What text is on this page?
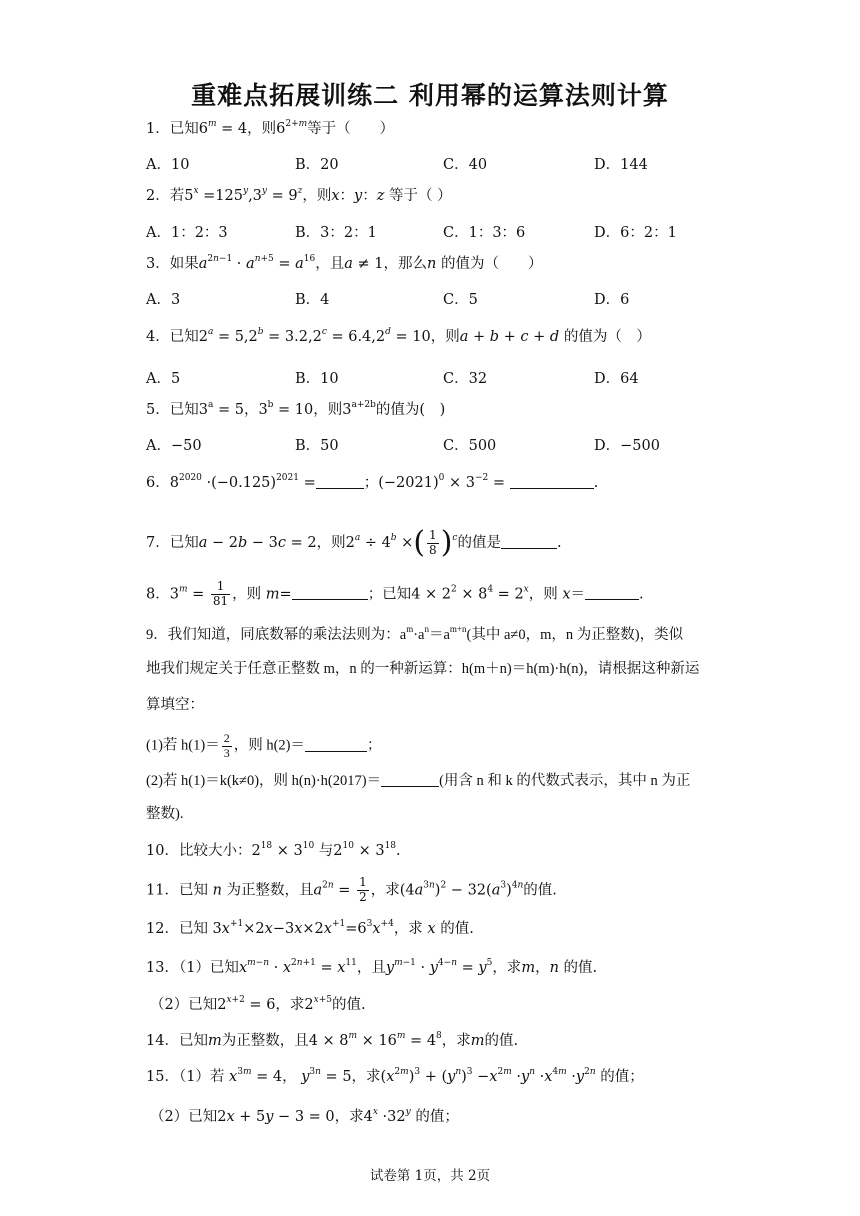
重难点拓展训练二 利用幂的运算法则计算
1．已知$6^m = 4$，则$6^{2+m}$等于（　　）
A．10	B．20	C．40	D．144
2．若$5^x =125^y,3^y = 9^z$，则x：y：z 等于（ ）
A．1：2：3	B．3：2：1	C．1：3：6	D．6：2：1
3．如果$a^{2n-1} \cdot a^{n+5} = a^{16}$，且a ≠ 1，那么n 的值为（　　）
A．3	B．4	C．5	D．6
4．已知$2^a = 5,2^b = 3.2,2^c = 6.4,2^d = 10$，则a + b + c + d 的值为（　）
A．5	B．10	C．32	D．64
5．已知$3^a = 5$，$3^b = 10$，则$3^{a+2b}$的值为(　)
A．−50	B．50	C．500	D．−500
6．$8^{2020} \cdot(-0.125)^{2021}$ =	；$(-2021)^0 \times 3^{-2}$ =	.
7．已知a − 2b − 3c = 2，则$2^a \div 4^b$ ×( $\frac{1}{8} )^c$的值是	.
8．$3^m = \frac{1}{81}$ ，则 m=	；已知$4 \times 2^2 \times 8^4 = 2^x$，则 x＝	.
9．我们知道，同底数幂的乘法法则为：$a^m\cdot a^n=a^{m+n}$(其中 a≠0，m，n 为正整数)，类似
地我们规定关于任意正整数 m，n 的一种新运算：h(m＋n)＝h(m)·h(n)，请根据这种新运
算填空：
(1)若 $h(1)= \frac{2}{3}$ ，则 h(2)＝	；
(2)若 h(1)＝k(k≠0)，则 h(n)·h(2017)＝	(用含 n 和 k 的代数式表示，其中 n 为正
整数).
10．比较大小：$2^{18} \times 3^{10}$ 与$2^{10} \times 3^{18}$.
11．已知 n 为正整数，且$a^{2n} = \frac{1}{2}$ ，求$(4a^{3n})^2 - 32(a^3)^{4n}$的值.
12．已知 $3x^{+1}\times 2x-3x\times 2x^{+1}=6^3x^{+4}$，求 x 的值.
13．（1）已知$x^{m-n} \cdot x^{2n+1} = x^{11}$，且$y^{m-1} \cdot y^{4-n} = y^5$，求m，n 的值.
（2）已知$2^{x+2} = 6$，求$2^{x+5}$的值.
14．已知m为正整数，且$4 \times 8^m \times 16^m = 4^8$，求m的值.
15．（1）若 $x^{3m} = 4$， $y^{3n} = 5$，求$(x^{2m})^3 + (y^n)^3 -x^{2m} \cdot y^n \cdot x^{4m} \cdot y^{2n}$ 的值；
（2）已知2x + 5y − 3 = 0，求$4^x \cdot 32^y$ 的值；
试卷第 1页，共 2页
